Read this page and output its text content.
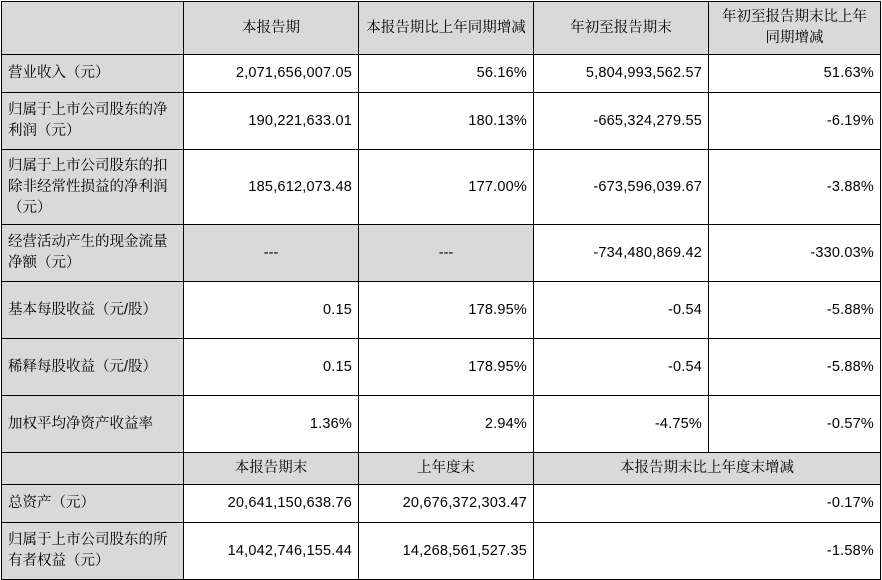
	本报告期	本报告期比上年同期增减	年初至报告期末	年初至报告期末比上年同期增减
营业收入（元）	2,071,656,007.05	56.16%	5,804,993,562.57	51.63%
归属于上市公司股东的净利润（元）	190,221,633.01	180.13%	-665,324,279.55	-6.19%
归属于上市公司股东的扣除非经常性损益的净利润（元）	185,612,073.48	177.00%	-673,596,039.67	-3.88%
经营活动产生的现金流量净额（元）	---	---	-734,480,869.42	-330.03%
基本每股收益（元/股）	0.15	178.95%	-0.54	-5.88%
稀释每股收益（元/股）	0.15	178.95%	-0.54	-5.88%
加权平均净资产收益率	1.36%	2.94%	-4.75%	-0.57%
	本报告期末	上年度末	本报告期末比上年度末增减	
总资产（元）	20,641,150,638.76	20,676,372,303.47	-0.17%	
归属于上市公司股东的所有者权益（元）	14,042,746,155.44	14,268,561,527.35	-1.58%	
